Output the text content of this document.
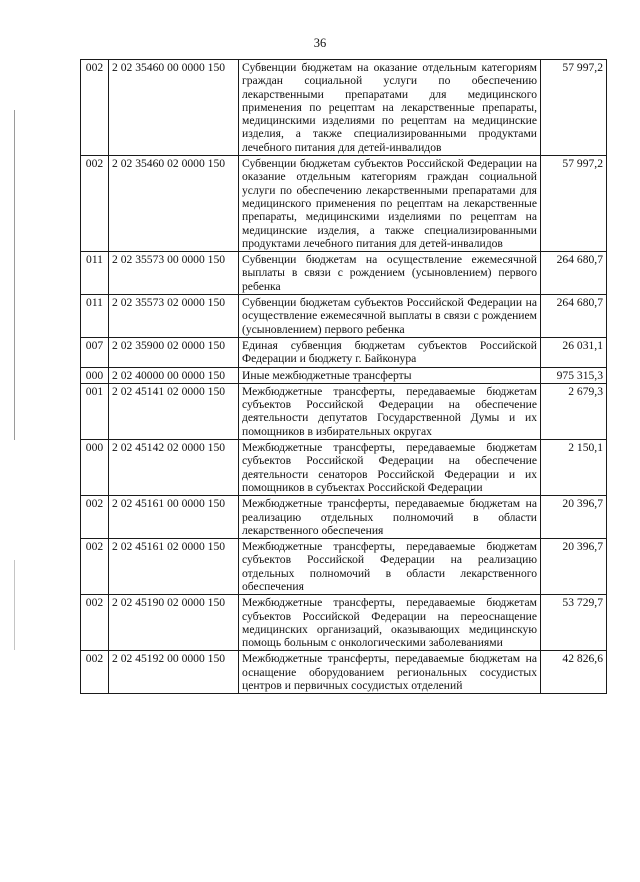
36
002	2 02 35460 00 0000 150	Субвенции бюджетам на оказание отдельным категориям граждан социальной услуги по обеспечению лекарственными препаратами для медицинского применения по рецептам на лекарственные препараты, медицинскими изделиями по рецептам на медицинские изделия, а также специализированными продуктами лечебного питания для детей-инвалидов	57 997,2
002	2 02 35460 02 0000 150	Субвенции бюджетам субъектов Российской Федерации на оказание отдельным категориям граждан социальной услуги по обеспечению лекарственными препаратами для медицинского применения по рецептам на лекарственные препараты, медицинскими изделиями по рецептам на медицинские изделия, а также специализированными продуктами лечебного питания для детей-инвалидов	57 997,2
011	2 02 35573 00 0000 150	Субвенции бюджетам на осуществление ежемесячной выплаты в связи с рождением (усыновлением) первого ребенка	264 680,7
011	2 02 35573 02 0000 150	Субвенции бюджетам субъектов Российской Федерации на осуществление ежемесячной выплаты в связи с рождением (усыновлением) первого ребенка	264 680,7
007	2 02 35900 02 0000 150	Единая субвенция бюджетам субъектов Российской Федерации и бюджету г. Байконура	26 031,1
000	2 02 40000 00 0000 150	Иные межбюджетные трансферты	975 315,3
001	2 02 45141 02 0000 150	Межбюджетные трансферты, передаваемые бюджетам субъектов Российской Федерации на обеспечение деятельности депутатов Государственной Думы и их помощников в избирательных округах	2 679,3
000	2 02 45142 02 0000 150	Межбюджетные трансферты, передаваемые бюджетам субъектов Российской Федерации на обеспечение деятельности сенаторов Российской Федерации и их помощников в субъектах Российской Федерации	2 150,1
002	2 02 45161 00 0000 150	Межбюджетные трансферты, передаваемые бюджетам на реализацию отдельных полномочий в области лекарственного обеспечения	20 396,7
002	2 02 45161 02 0000 150	Межбюджетные трансферты, передаваемые бюджетам субъектов Российской Федерации на реализацию отдельных полномочий в области лекарственного обеспечения	20 396,7
002	2 02 45190 02 0000 150	Межбюджетные трансферты, передаваемые бюджетам субъектов Российской Федерации на переоснащение медицинских организаций, оказывающих медицинскую помощь больным с онкологическими заболеваниями	53 729,7
002	2 02 45192 00 0000 150	Межбюджетные трансферты, передаваемые бюджетам на оснащение оборудованием региональных сосудистых центров и первичных сосудистых отделений	42 826,6
